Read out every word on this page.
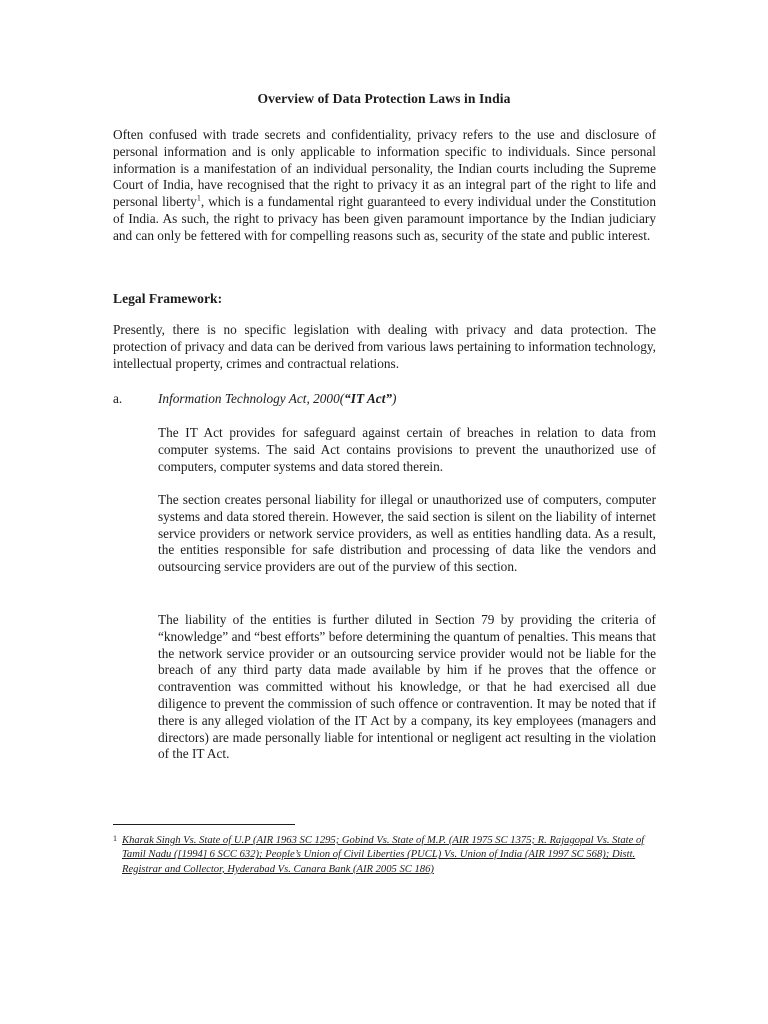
Overview of Data Protection Laws in India

Often confused with trade secrets and confidentiality, privacy refers to the use and disclosure of personal information and is only applicable to information specific to individuals. Since personal information is a manifestation of an individual personality, the Indian courts including the Supreme Court of India, have recognised that the right to privacy it as an integral part of the right to life and personal liberty$^1$, which is a fundamental right guaranteed to every individual under the Constitution of India. As such, the right to privacy has been given paramount importance by the Indian judiciary and can only be fettered with for compelling reasons such as, security of the state and public interest.

Legal Framework:

Presently, there is no specific legislation with dealing with privacy and data protection. The protection of privacy and data can be derived from various laws pertaining to information technology, intellectual property, crimes and contractual relations.

a.	Information Technology Act, 2000(“IT Act”)

The IT Act provides for safeguard against certain of breaches in relation to data from computer systems. The said Act contains provisions to prevent the unauthorized use of computers, computer systems and data stored therein.

The section creates personal liability for illegal or unauthorized use of computers, computer systems and data stored therein. However, the said section is silent on the liability of internet service providers or network service providers, as well as entities handling data. As a result, the entities responsible for safe distribution and processing of data like the vendors and outsourcing service providers are out of the purview of this section.

The liability of the entities is further diluted in Section 79 by providing the criteria of “knowledge” and “best efforts” before determining the quantum of penalties. This means that the network service provider or an outsourcing service provider would not be liable for the breach of any third party data made available by him if he proves that the offence or contravention was committed without his knowledge, or that he had exercised all due diligence to prevent the commission of such offence or contravention. It may be noted that if there is any alleged violation of the IT Act by a company, its key employees (managers and directors) are made personally liable for intentional or negligent act resulting in the violation of the IT Act.

1 Kharak Singh Vs. State of U.P (AIR 1963 SC 1295; Gobind Vs. State of M.P. (AIR 1975 SC 1375; R. Rajagopal Vs. State of Tamil Nadu ([1994] 6 SCC 632); People’s Union of Civil Liberties (PUCL) Vs. Union of India (AIR 1997 SC 568); Distt. Registrar and Collector, Hyderabad Vs. Canara Bank (AIR 2005 SC 186)
